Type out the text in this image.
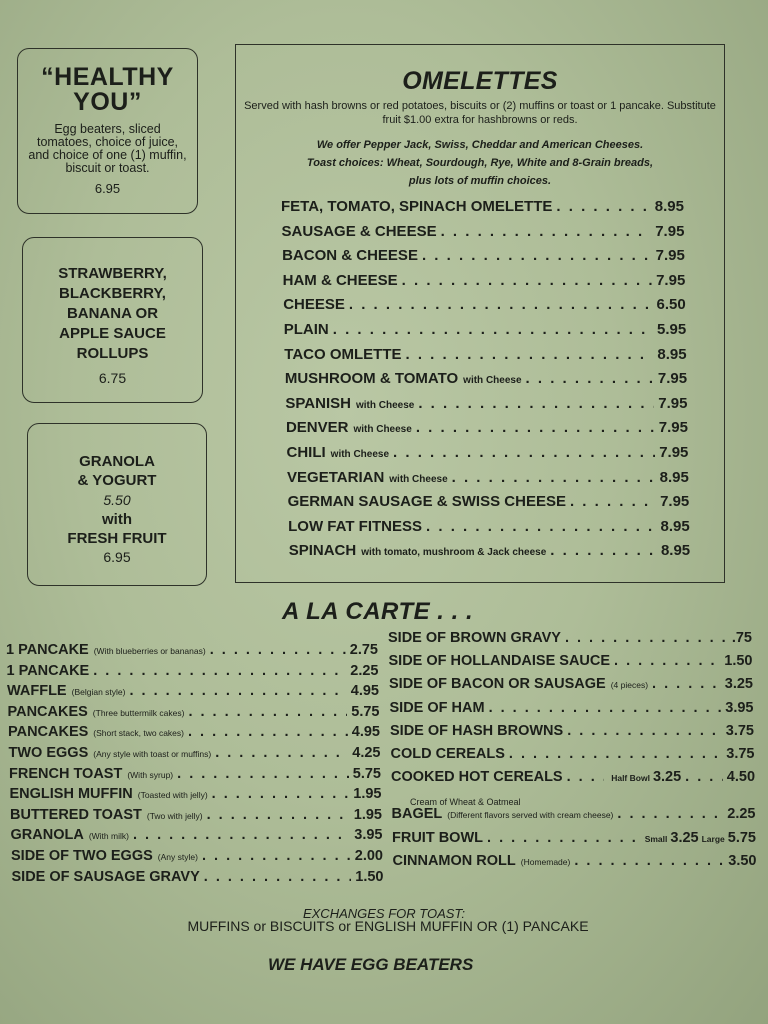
“HEALTHY
YOU”
Egg beaters, sliced tomatoes, choice of juice, and choice of one (1) muffin, biscuit or toast.
6.95
STRAWBERRY,
BLACKBERRY,
BANANA OR
APPLE SAUCE
ROLLUPS
6.75
GRANOLA
& YOGURT
5.50
with
FRESH FRUIT
6.95
OMELETTES
Served with hash browns or red potatoes, biscuits or (2) muffins or toast or 1 pancake. Substitute fruit $1.00 extra for hashbrowns or reds.
We offer Pepper Jack, Swiss, Cheddar and American Cheeses.
Toast choices: Wheat, Sourdough, Rye, White and 8-Grain breads,
plus lots of muffin choices.
FETA, TOMATO, SPINACH OMELETTE . . .	8.95
SAUSAGE & CHEESE . . .	7.95
BACON & CHEESE . . .	7.95
HAM & CHEESE . . .	7.95
CHEESE . . .	6.50
PLAIN . . .	5.95
TACO OMLETTE . . .	8.95
MUSHROOM & TOMATO with Cheese . . .	7.95
SPANISH with Cheese . . .	7.95
DENVER with Cheese . . .	7.95
CHILI with Cheese . . .	7.95
VEGETARIAN with Cheese . . .	8.95
GERMAN SAUSAGE & SWISS CHEESE . . .	7.95
LOW FAT FITNESS . . .	8.95
SPINACH with tomato, mushroom & Jack cheese . . .	8.95
A LA CARTE . . .
1 PANCAKE (With blueberries or bananas) . . .	2.75
1 PANCAKE . . .	2.25
WAFFLE (Belgian style) . . .	4.95
PANCAKES (Three buttermilk cakes) . . .	5.75
PANCAKES (Short stack, two cakes) . . .	4.95
TWO EGGS (Any style with toast or muffins) . . .	4.25
FRENCH TOAST (With syrup) . . .	5.75
ENGLISH MUFFIN (Toasted with jelly) . . .	1.95
BUTTERED TOAST (Two with jelly) . . .	1.95
GRANOLA (With milk) . . .	3.95
SIDE OF TWO EGGS (Any style) . . .	2.00
SIDE OF SAUSAGE GRAVY . . .	1.50
SIDE OF BROWN GRAVY . . .	.75
SIDE OF HOLLANDAISE SAUCE . . .	1.50
SIDE OF BACON OR SAUSAGE (4 pieces) . . .	3.25
SIDE OF HAM . . .	3.95
SIDE OF HASH BROWNS . . .	3.75
COLD CEREALS . . .	3.75
COOKED HOT CEREALS . . .	Half Bowl 3.25 . . .	4.50
BAGEL (Different flavors served with cream cheese) . . .	2.25
FRUIT BOWL . . .	Small 3.25 Large 5.75
CINNAMON ROLL (Homemade) . . .	3.50
Cream of Wheat & Oatmeal
EXCHANGES FOR TOAST:
MUFFINS or BISCUITS or ENGLISH MUFFIN OR (1) PANCAKE
WE HAVE EGG BEATERS
